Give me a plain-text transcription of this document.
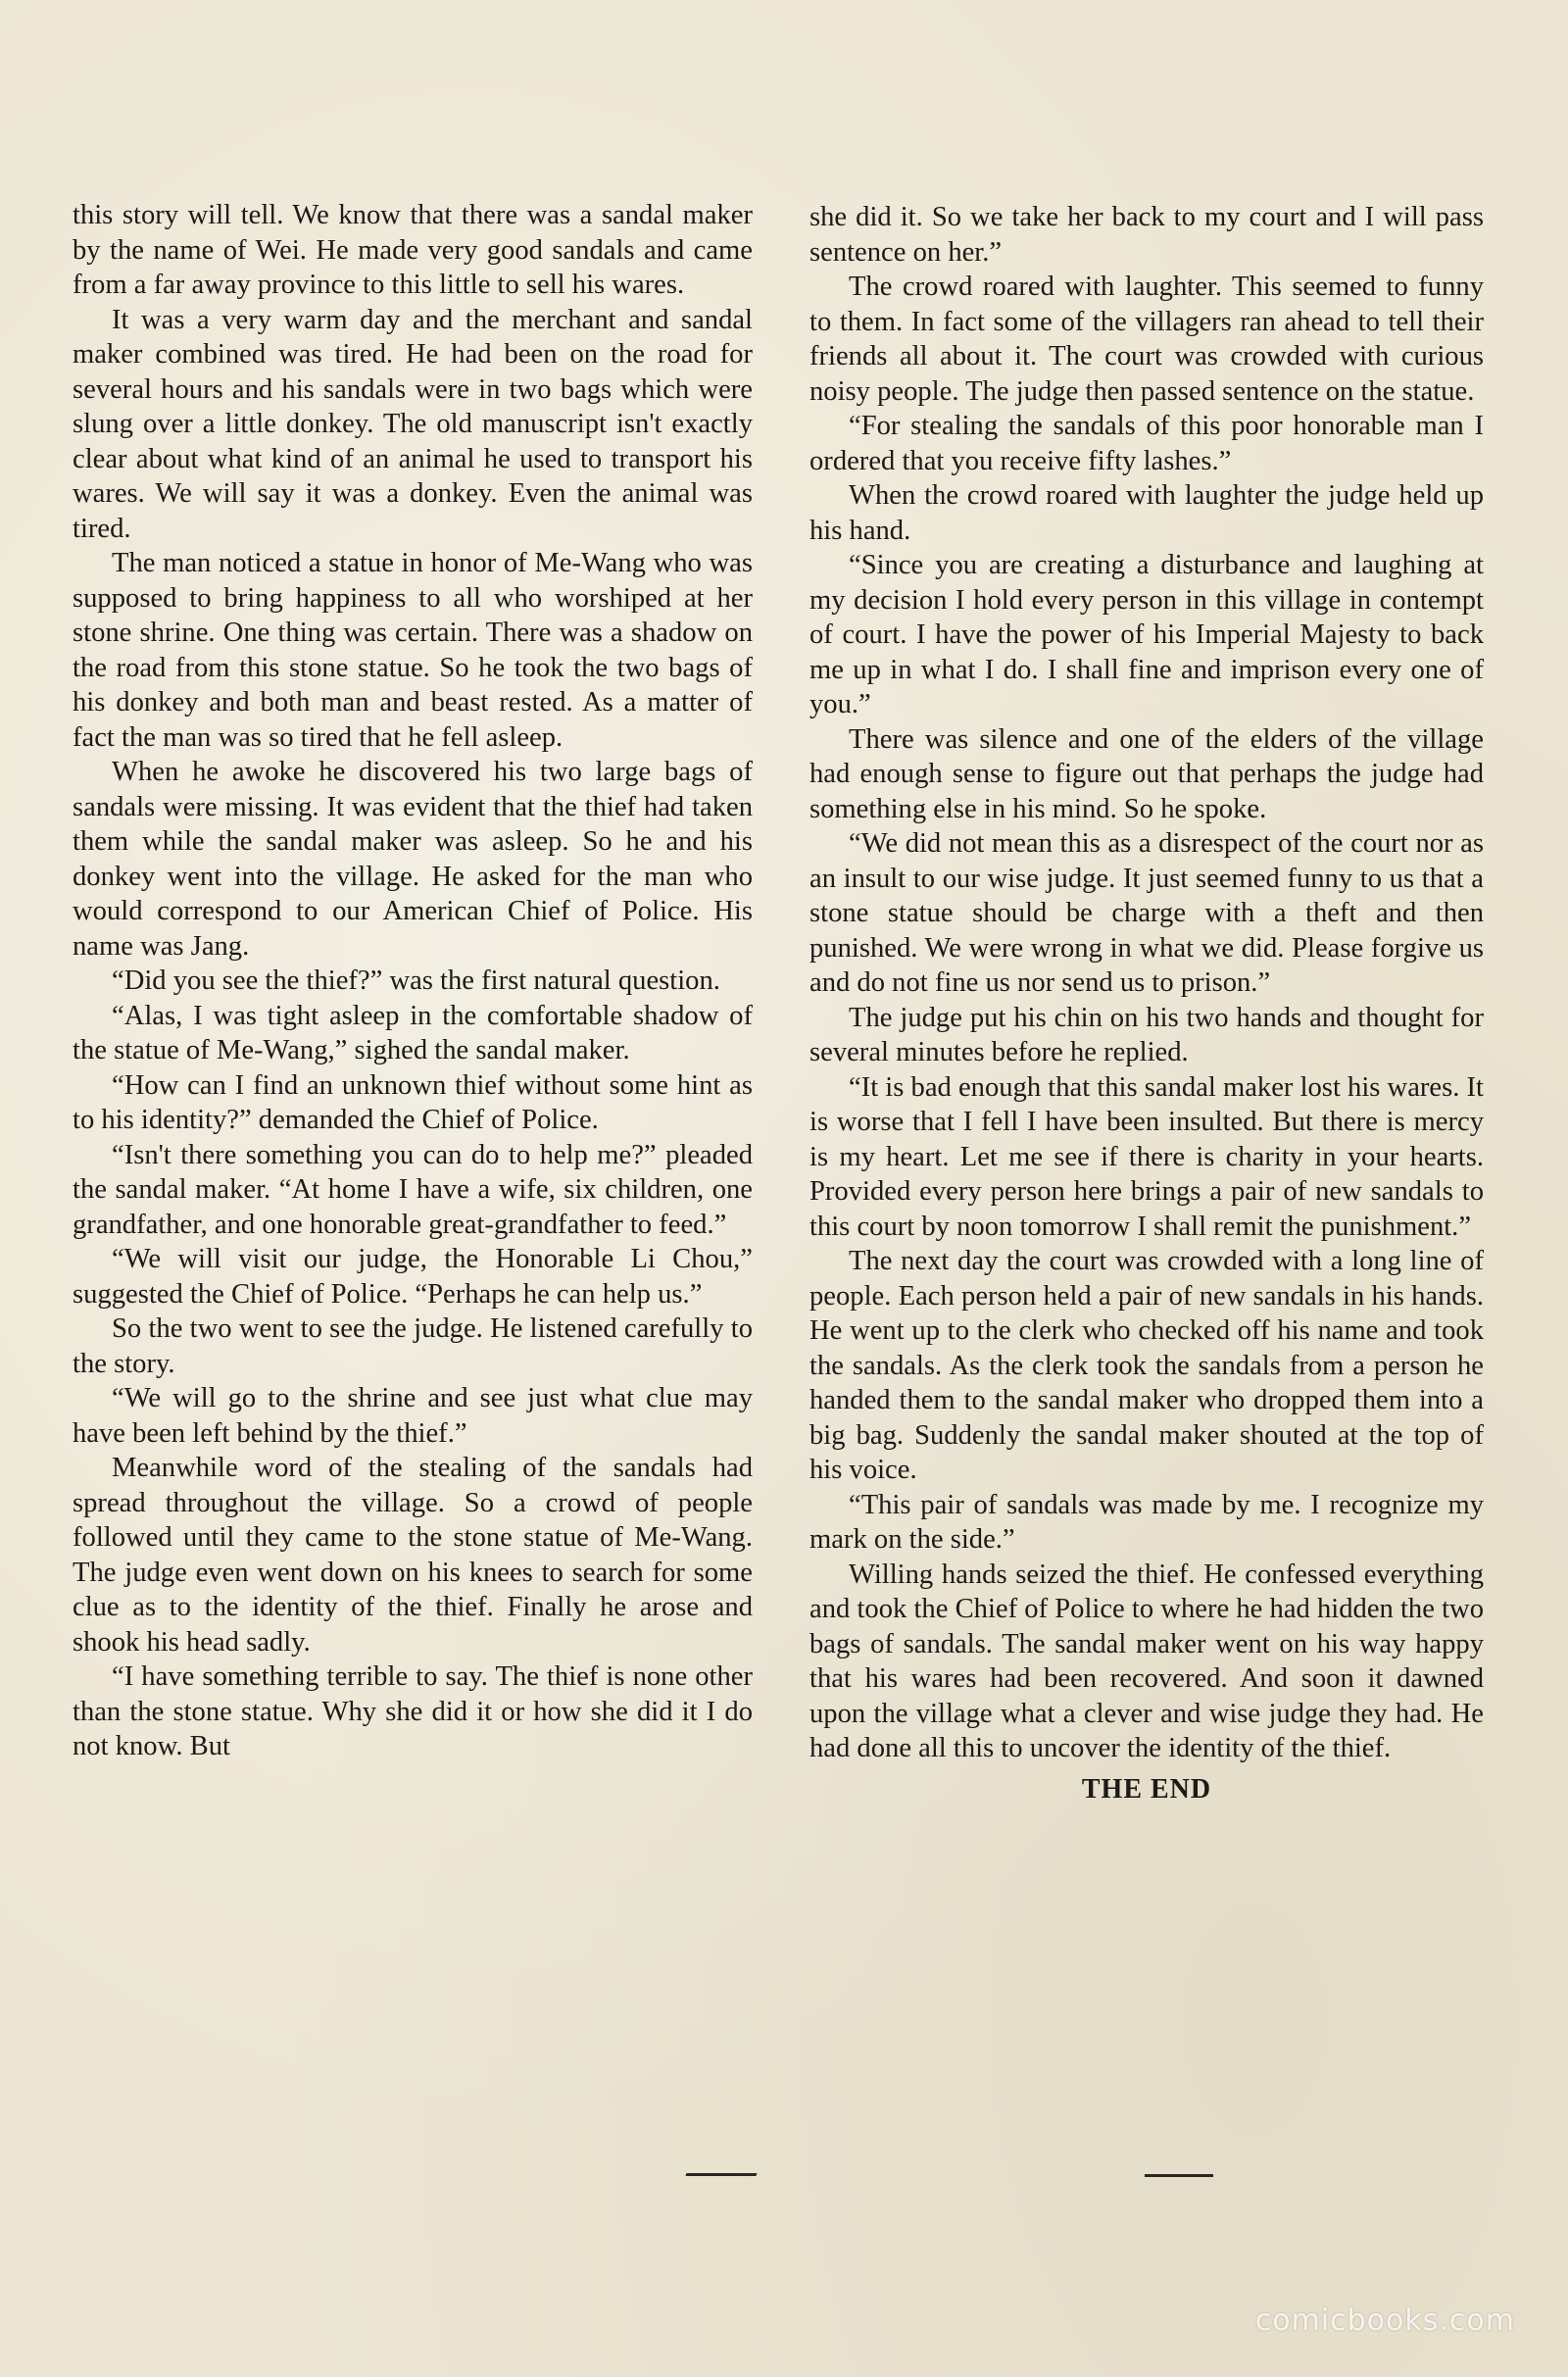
this story will tell. We know that there was a sandal maker by the name of Wei. He made very good sandals and came from a far away province to this little to sell his wares.

It was a very warm day and the merchant and sandal maker combined was tired. He had been on the road for several hours and his sandals were in two bags which were slung over a little donkey. The old manuscript isn't exactly clear about what kind of an animal he used to transport his wares. We will say it was a donkey. Even the animal was tired.

The man noticed a statue in honor of Me-Wang who was supposed to bring happiness to all who worshiped at her stone shrine. One thing was certain. There was a shadow on the road from this stone statue. So he took the two bags of his donkey and both man and beast rested. As a matter of fact the man was so tired that he fell asleep.

When he awoke he discovered his two large bags of sandals were missing. It was evident that the thief had taken them while the sandal maker was asleep. So he and his donkey went into the village. He asked for the man who would correspond to our American Chief of Police. His name was Jang.

“Did you see the thief?” was the first natural question.

“Alas, I was tight asleep in the comfortable shadow of the statue of Me-Wang,” sighed the sandal maker.

“How can I find an unknown thief without some hint as to his identity?” demanded the Chief of Police.

“Isn't there something you can do to help me?” pleaded the sandal maker. “At home I have a wife, six children, one grandfather, and one honorable great-grandfather to feed.”

“We will visit our judge, the Honorable Li Chou,” suggested the Chief of Police. “Perhaps he can help us.”

So the two went to see the judge. He listened carefully to the story.

“We will go to the shrine and see just what clue may have been left behind by the thief.”

Meanwhile word of the stealing of the sandals had spread throughout the village. So a crowd of people followed until they came to the stone statue of Me-Wang. The judge even went down on his knees to search for some clue as to the identity of the thief. Finally he arose and shook his head sadly.

“I have something terrible to say. The thief is none other than the stone statue. Why she did it or how she did it I do not know. But

she did it. So we take her back to my court and I will pass sentence on her.”

The crowd roared with laughter. This seemed to funny to them. In fact some of the villagers ran ahead to tell their friends all about it. The court was crowded with curious noisy people. The judge then passed sentence on the statue.

“For stealing the sandals of this poor honorable man I ordered that you receive fifty lashes.”

When the crowd roared with laughter the judge held up his hand.

“Since you are creating a disturbance and laughing at my decision I hold every person in this village in contempt of court. I have the power of his Imperial Majesty to back me up in what I do. I shall fine and imprison every one of you.”

There was silence and one of the elders of the village had enough sense to figure out that perhaps the judge had something else in his mind. So he spoke.

“We did not mean this as a disrespect of the court nor as an insult to our wise judge. It just seemed funny to us that a stone statue should be charge with a theft and then punished. We were wrong in what we did. Please forgive us and do not fine us nor send us to prison.”

The judge put his chin on his two hands and thought for several minutes before he replied.

“It is bad enough that this sandal maker lost his wares. It is worse that I fell I have been insulted. But there is mercy is my heart. Let me see if there is charity in your hearts. Provided every person here brings a pair of new sandals to this court by noon tomorrow I shall remit the punishment.”

The next day the court was crowded with a long line of people. Each person held a pair of new sandals in his hands. He went up to the clerk who checked off his name and took the sandals. As the clerk took the sandals from a person he handed them to the sandal maker who dropped them into a big bag. Suddenly the sandal maker shouted at the top of his voice.

“This pair of sandals was made by me. I recognize my mark on the side.”

Willing hands seized the thief. He confessed everything and took the Chief of Police to where he had hidden the two bags of sandals. The sandal maker went on his way happy that his wares had been recovered. And soon it dawned upon the village what a clever and wise judge they had. He had done all this to uncover the identity of the thief.

THE END

comicbooks.com
